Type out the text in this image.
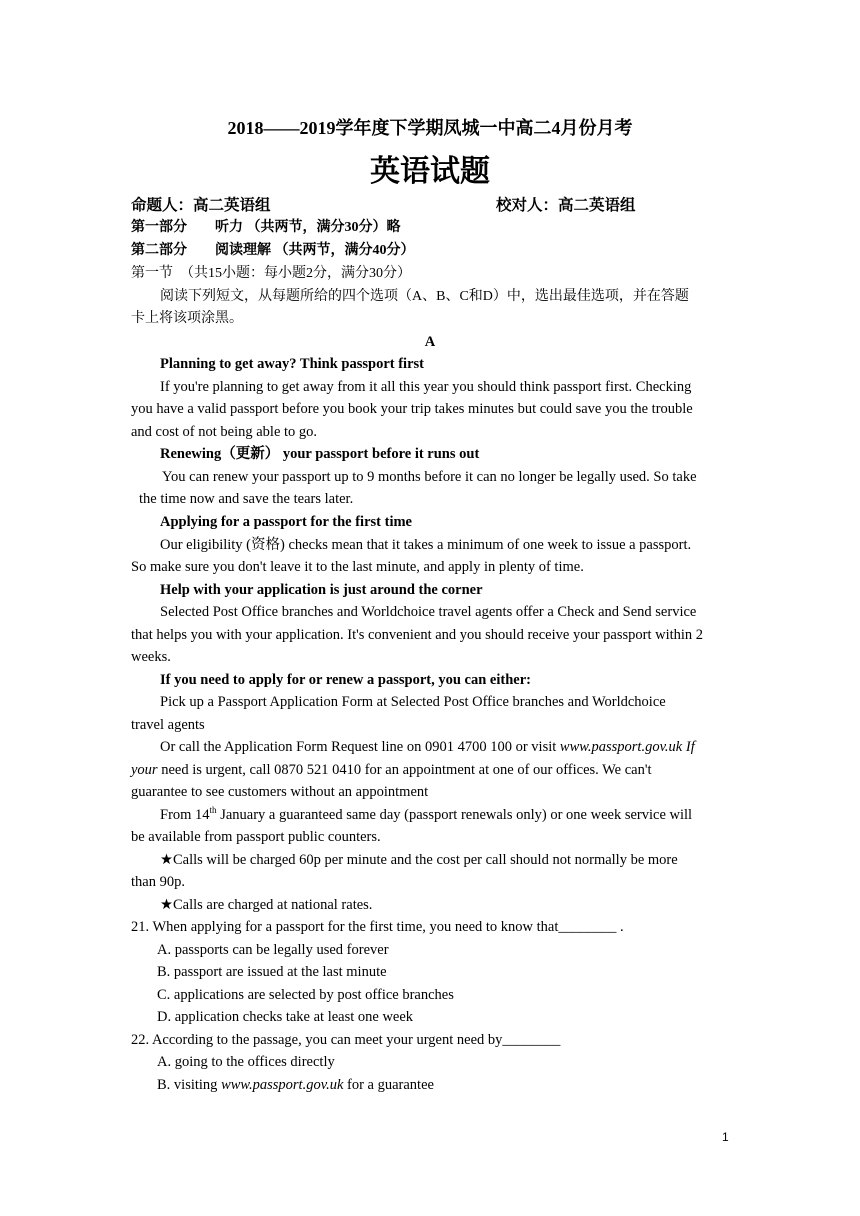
2018——2019学年度下学期凤城一中高二4月份月考
英语试题
命题人：高二英语组	校对人：高二英语组
第一部分　　听力 （共两节，满分30分）略
第二部分　　阅读理解 （共两节，满分40分）
第一节　（共15小题：每小题2分，满分30分）
阅读下列短文，从每题所给的四个选项（A、B、C和D）中，选出最佳选项，并在答题
卡上将该项涂黑。
A
Planning to get away? Think passport first
If you're planning to get away from it all this year you should think passport first. Checking
you have a valid passport before you book your trip takes minutes but could save you the trouble
and cost of not being able to go.
Renewing（更新） your passport before it runs out
You can renew your passport up to 9 months before it can no longer be legally used. So take
the time now and save the tears later.
Applying for a passport for the first time
Our eligibility (资格) checks mean that it takes a minimum of one week to issue a passport.
So make sure you don't leave it to the last minute, and apply in plenty of time.
Help with your application is just around the corner
Selected Post Office branches and Worldchoice travel agents offer a Check and Send service
that helps you with your application. It's convenient and you should receive your passport within 2
weeks.
If you need to apply for or renew a passport, you can either:
Pick up a Passport Application Form at Selected Post Office branches and Worldchoice
travel agents
Or call the Application Form Request line on 0901 4700 100 or visit www.passport.gov.uk If
your need is urgent, call 0870 521 0410 for an appointment at one of our offices. We can't
guarantee to see customers without an appointment
From 14th January a guaranteed same day (passport renewals only) or one week service will
be available from passport public counters.
★Calls will be charged 60p per minute and the cost per call should not normally be more
than 90p.
★Calls are charged at national rates.
21. When applying for a passport for the first time, you need to know that________ .
A. passports can be legally used forever
B. passport are issued at the last minute
C. applications are selected by post office branches
D. application checks take at least one week
22. According to the passage, you can meet your urgent need by________
A. going to the offices directly
B. visiting www.passport.gov.uk for a guarantee
1
